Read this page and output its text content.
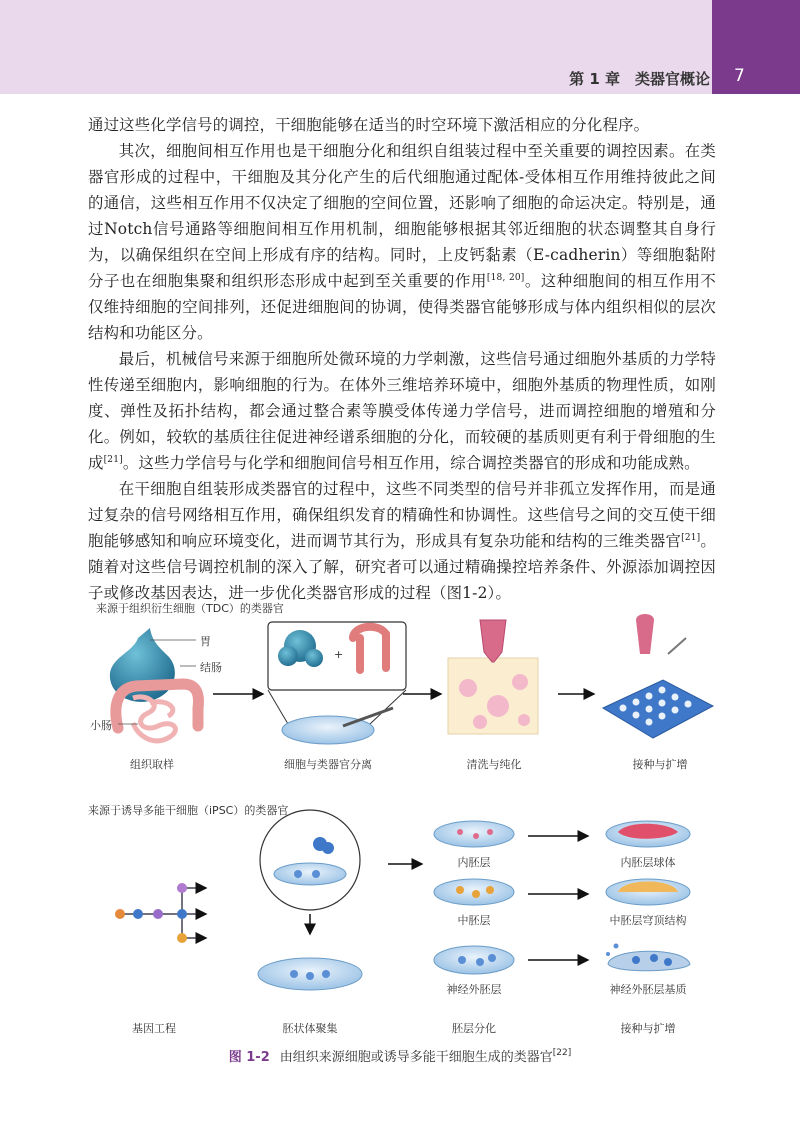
第 1 章　类器官概论	7

通过这些化学信号的调控，干细胞能够在适当的时空环境下激活相应的分化程序。

其次，细胞间相互作用也是干细胞分化和组织自组装过程中至关重要的调控因素。在类器官形成的过程中，干细胞及其分化产生的后代细胞通过配体-受体相互作用维持彼此之间的通信，这些相互作用不仅决定了细胞的空间位置，还影响了细胞的命运决定。特别是，通过Notch信号通路等细胞间相互作用机制，细胞能够根据其邻近细胞的状态调整其自身行为，以确保组织在空间上形成有序的结构。同时，上皮钙黏素（E-cadherin）等细胞黏附分子也在细胞集聚和组织形态形成中起到至关重要的作用[18, 20]。这种细胞间的相互作用不仅维持细胞的空间排列，还促进细胞间的协调，使得类器官能够形成与体内组织相似的层次结构和功能区分。

最后，机械信号来源于细胞所处微环境的力学刺激，这些信号通过细胞外基质的力学特性传递至细胞内，影响细胞的行为。在体外三维培养环境中，细胞外基质的物理性质，如刚度、弹性及拓扑结构，都会通过整合素等膜受体传递力学信号，进而调控细胞的增殖和分化。例如，较软的基质往往促进神经谱系细胞的分化，而较硬的基质则更有利于骨细胞的生成[21]。这些力学信号与化学和细胞间信号相互作用，综合调控类器官的形成和功能成熟。

在干细胞自组装形成类器官的过程中，这些不同类型的信号并非孤立发挥作用，而是通过复杂的信号网络相互作用，确保组织发育的精确性和协调性。这些信号之间的交互使干细胞能够感知和响应环境变化，进而调节其行为，形成具有复杂功能和结构的三维类器官[21]。随着对这些信号调控机制的深入了解，研究者可以通过精确操控培养条件、外源添加调控因子或修改基因表达，进一步优化类器官形成的过程（图1-2）。

来源于组织衍生细胞（TDC）的类器官
胃
结肠
小肠
+
组织取样	细胞与类器官分离	清洗与纯化	接种与扩增
来源于诱导多能干细胞（iPSC）的类器官
内胚层
中胚层
神经外胚层
内胚层球体
中胚层穹顶结构
神经外胚层基质
基因工程	胚状体聚集	胚层分化	接种与扩增
图 1-2 由组织来源细胞或诱导多能干细胞生成的类器官[22]
